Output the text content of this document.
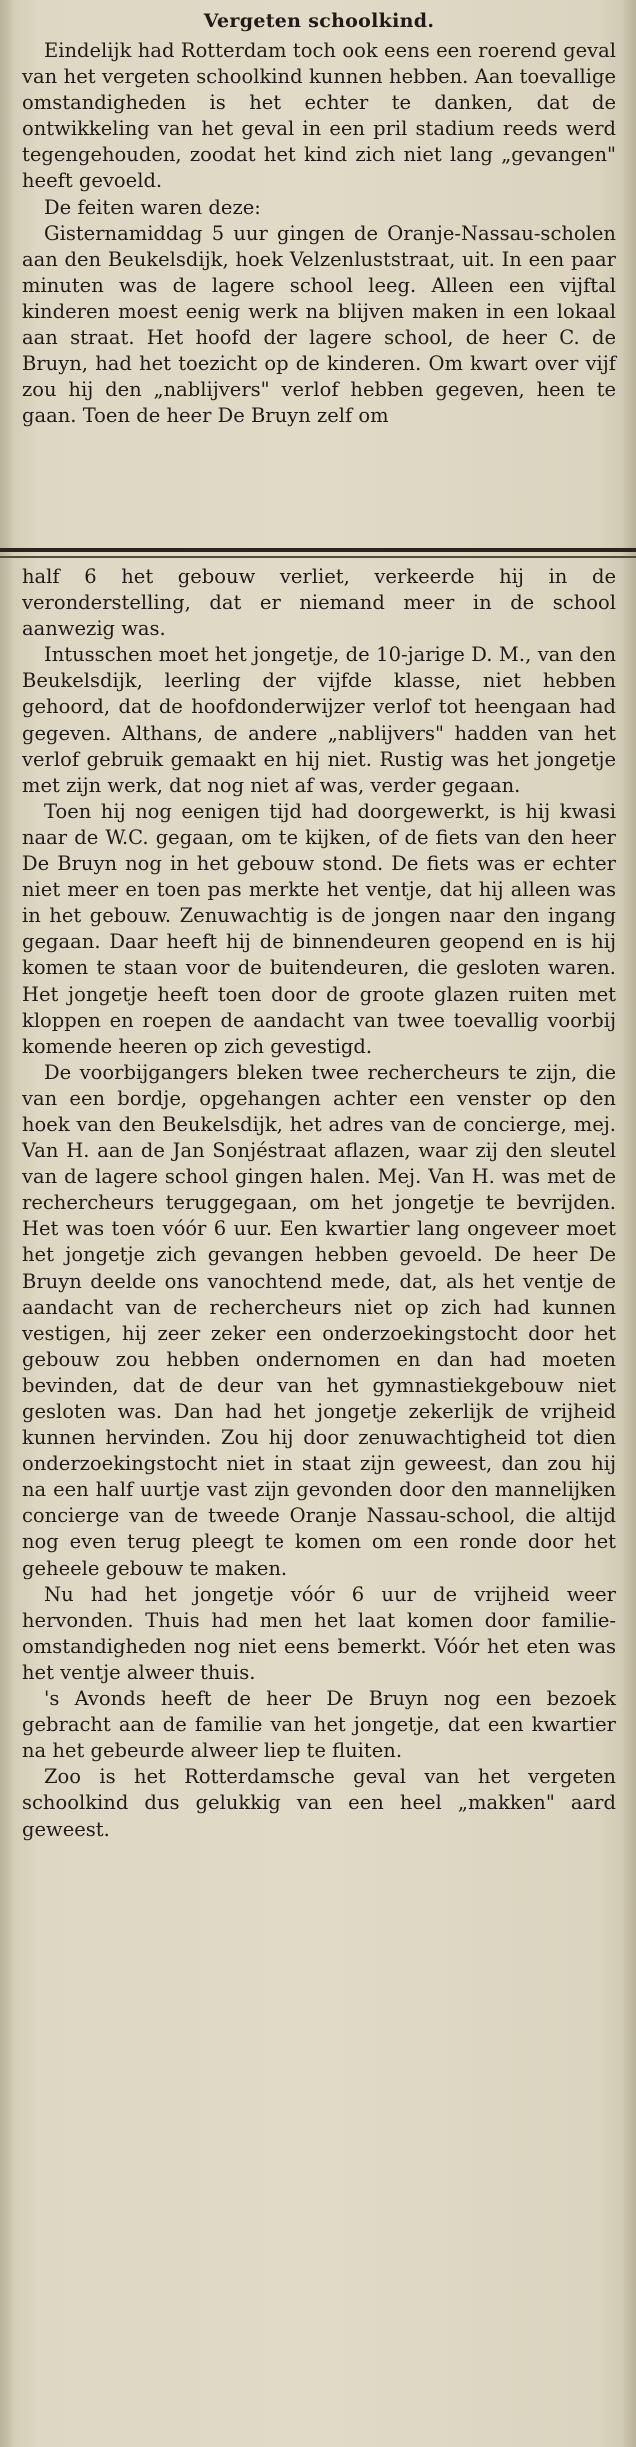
Vergeten schoolkind.

Eindelijk had Rotterdam toch ook eens een roerend geval van het vergeten schoolkind kunnen hebben. Aan toevallige omstandigheden is het echter te danken, dat de ontwikkeling van het geval in een pril stadium reeds werd tegengehouden, zoodat het kind zich niet lang „gevangen" heeft gevoeld.

De feiten waren deze:

Gisternamiddag 5 uur gingen de Oranje-Nassau-scholen aan den Beukelsdijk, hoek Velzenluststraat, uit. In een paar minuten was de lagere school leeg. Alleen een vijftal kinderen moest eenig werk na blijven maken in een lokaal aan straat. Het hoofd der lagere school, de heer C. de Bruyn, had het toezicht op de kinderen. Om kwart over vijf zou hij den „nablijvers" verlof hebben gegeven, heen te gaan. Toen de heer De Bruyn zelf om

half 6 het gebouw verliet, verkeerde hij in de veronderstelling, dat er niemand meer in de school aanwezig was.

Intusschen moet het jongetje, de 10-jarige D. M., van den Beukelsdijk, leerling der vijfde klasse, niet hebben gehoord, dat de hoofdonderwijzer verlof tot heengaan had gegeven. Althans, de andere „nablijvers" hadden van het verlof gebruik gemaakt en hij niet. Rustig was het jongetje met zijn werk, dat nog niet af was, verder gegaan.

Toen hij nog eenigen tijd had doorgewerkt, is hij kwasi naar de W.C. gegaan, om te kijken, of de fiets van den heer De Bruyn nog in het gebouw stond. De fiets was er echter niet meer en toen pas merkte het ventje, dat hij alleen was in het gebouw. Zenuwachtig is de jongen naar den ingang gegaan. Daar heeft hij de binnendeuren geopend en is hij komen te staan voor de buitendeuren, die gesloten waren. Het jongetje heeft toen door de groote glazen ruiten met kloppen en roepen de aandacht van twee toevallig voorbij komende heeren op zich gevestigd.

De voorbijgangers bleken twee rechercheurs te zijn, die van een bordje, opgehangen achter een venster op den hoek van den Beukelsdijk, het adres van de concierge, mej. Van H. aan de Jan Sonjéstraat aflazen, waar zij den sleutel van de lagere school gingen halen. Mej. Van H. was met de rechercheurs teruggegaan, om het jongetje te bevrijden. Het was toen vóór 6 uur. Een kwartier lang ongeveer moet het jongetje zich gevangen hebben gevoeld. De heer De Bruyn deelde ons vanochtend mede, dat, als het ventje de aandacht van de rechercheurs niet op zich had kunnen vestigen, hij zeer zeker een onderzoekingstocht door het gebouw zou hebben ondernomen en dan had moeten bevinden, dat de deur van het gymnastiekgebouw niet gesloten was. Dan had het jongetje zekerlijk de vrijheid kunnen hervinden. Zou hij door zenuwachtigheid tot dien onderzoekingstocht niet in staat zijn geweest, dan zou hij na een half uurtje vast zijn gevonden door den mannelijken concierge van de tweede Oranje Nassau-school, die altijd nog even terug pleegt te komen om een ronde door het geheele gebouw te maken.

Nu had het jongetje vóór 6 uur de vrijheid weer hervonden. Thuis had men het laat komen door familie-omstandigheden nog niet eens bemerkt. Vóór het eten was het ventje alweer thuis.

's Avonds heeft de heer De Bruyn nog een bezoek gebracht aan de familie van het jongetje, dat een kwartier na het gebeurde alweer liep te fluiten.

Zoo is het Rotterdamsche geval van het vergeten schoolkind dus gelukkig van een heel „makken" aard geweest.
